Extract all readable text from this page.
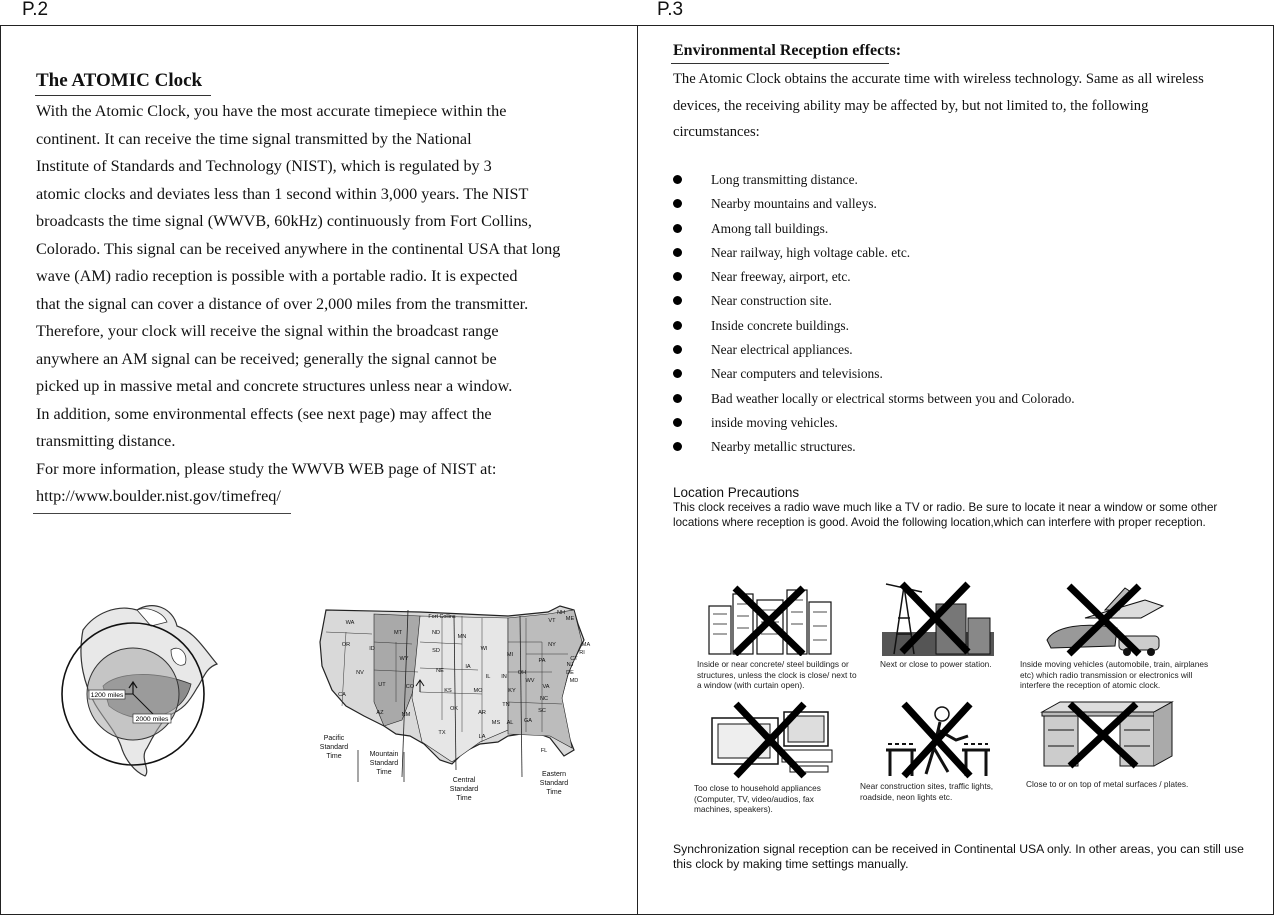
P.2	P.3
The ATOMIC Clock
With the Atomic Clock, you have the most accurate timepiece within the
continent. It can receive the time signal transmitted by the National
Institute of Standards and Technology (NIST), which is regulated by 3
atomic clocks and deviates less than 1 second within 3,000 years. The NIST
broadcasts the time signal (WWVB, 60kHz) continuously from Fort Collins,
Colorado. This signal can be received anywhere in the continental USA that long
wave (AM) radio reception is possible with a portable radio. It is expected
that the signal can cover a distance of over 2,000 miles from the transmitter.
Therefore, your clock will receive the signal within the broadcast range
anywhere an AM signal can be received; generally the signal cannot be
picked up in massive metal and concrete structures unless near a window.
In addition, some environmental effects (see next page) may affect the
transmitting distance.
For more information, please study the WWVB WEB page of NIST at:
http://www.boulder.nist.gov/timefreq/
1200 miles
2000 miles
WA
OR
ID
MT
WY
ND
SD
NE
MN
IA
WI
IL IN
MI
OH
PA
NY
VT
NH
ME
MA
RI
CT
NJ
DE
MD
CA
NV
UT	CO
AZ	NM
TX
OK
KS	MO
AR
LA
MS AL GA
FL
SC
NC
TN
KY
WV
VA
Fort Collins
Pacific Standard Time	Mountain Standard Time
Central Standard Time
Eastern Standard Time
Environmental Reception effects:
The Atomic Clock obtains the accurate time with wireless technology. Same as all wireless
devices, the receiving ability may be affected by, but not limited to, the following
circumstances:
Long transmitting distance.
Nearby mountains and valleys.
Among tall buildings.
Near railway, high voltage cable. etc.
Near freeway, airport, etc.
Near construction site.
Inside concrete buildings.
Near electrical appliances.
Near computers and televisions.
Bad weather locally or electrical storms between you and Colorado.
inside moving vehicles.
Nearby metallic structures.
Location Precautions
This clock receives a radio wave much like a TV or radio. Be sure to locate it near a window or some other locations where reception is good. Avoid the following location,which can interfere with proper reception.
Inside or near concrete/ steel buildings or structures, unless the clock is close/ next to a window (with curtain open).
Next or close to power station.	Inside moving vehicles (automobile, train, airplanes etc) which radio transmission or electronics will interfere the reception of atomic clock.
Too close to household appliances (Computer, TV, video/audios, fax machines, speakers).
Near construction sites, traffic lights, roadside, neon lights etc.
Close to or on top of metal surfaces / plates.
Synchronization signal reception can be received in Continental USA only. In other areas, you can still use this clock by making time settings manually.
